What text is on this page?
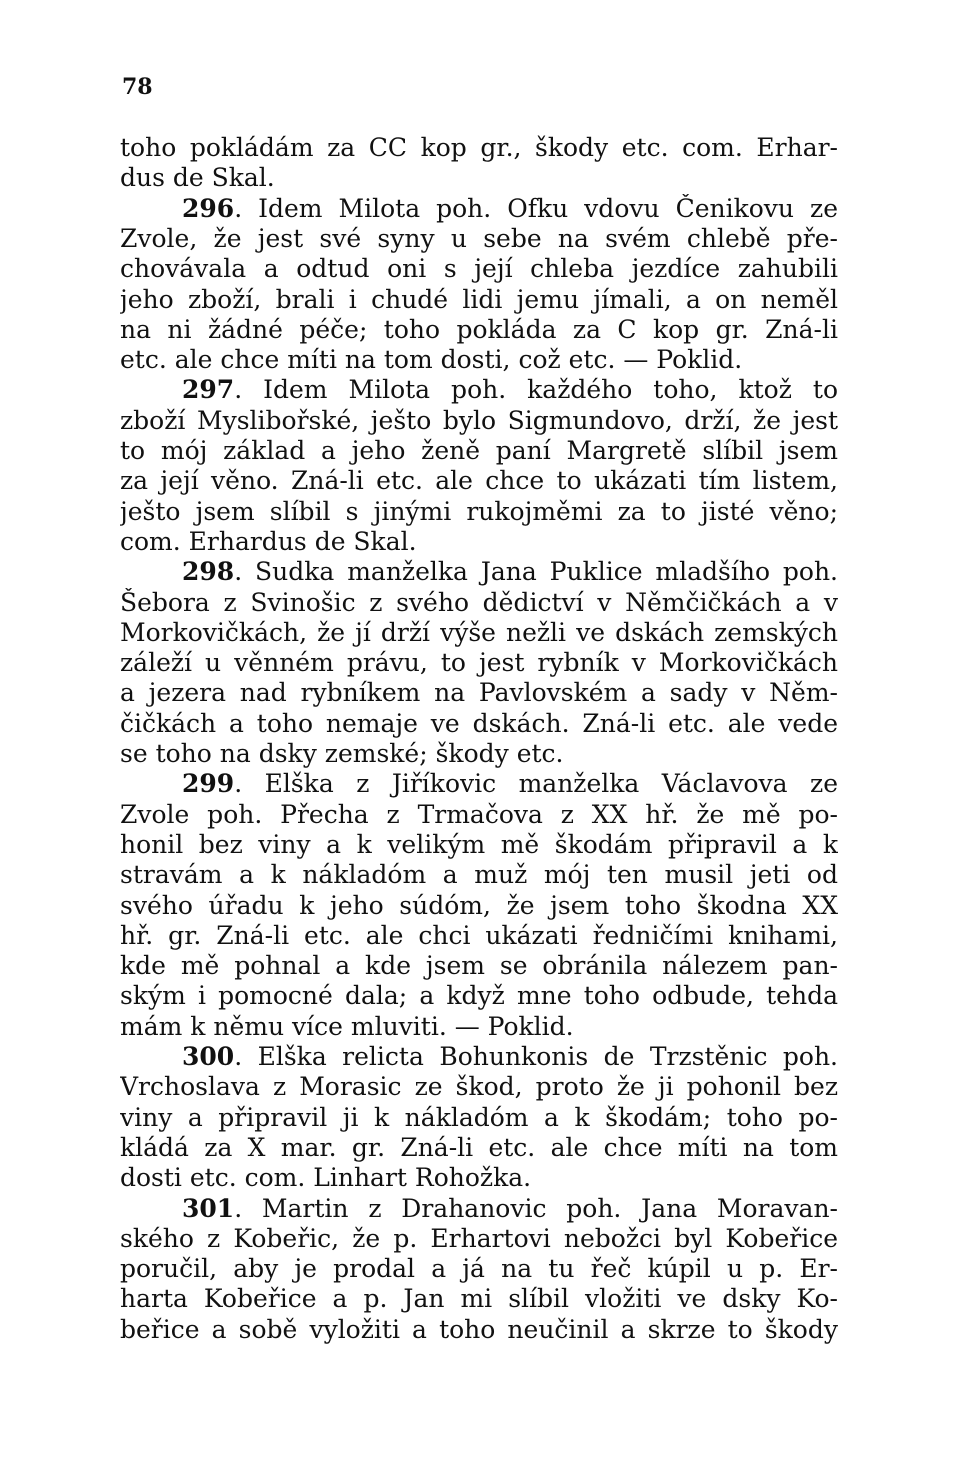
78
toho pokládám za CC kop gr., škody etc. com. Erhar-
dus de Skal.
296. Idem Milota poh. Ofku vdovu Čenikovu ze
Zvole, že jest své syny u sebe na svém chlebě pře-
chovávala a odtud oni s její chleba jezdíce zahubili
jeho zboží, brali i chudé lidi jemu jímali, a on neměl
na ni žádné péče; toho pokláda za C kop gr. Zná-li
etc. ale chce míti na tom dosti, což etc. — Poklid.
297. Idem Milota poh. každého toho, ktož to
zboží Myslibořské, ješto bylo Sigmundovo, drží, že jest
to mój základ a jeho ženě paní Margretě slíbil jsem
za její věno. Zná-li etc. ale chce to ukázati tím listem,
ješto jsem slíbil s jinými rukojměmi za to jisté věno;
com. Erhardus de Skal.
298. Sudka manželka Jana Puklice mladšího poh.
Šebora z Svinošic z svého dědictví v Němčičkách a v
Morkovičkách, že jí drží výše nežli ve dskách zemských
záleží u věnném právu, to jest rybník v Morkovičkách
a jezera nad rybníkem na Pavlovském a sady v Něm-
čičkách a toho nemaje ve dskách. Zná-li etc. ale vede
se toho na dsky zemské; škody etc.
299. Elška z Jiříkovic manželka Václavova ze
Zvole poh. Přecha z Trmačova z XX hř. že mě po-
honil bez viny a k velikým mě škodám připravil a k
stravám a k nákladóm a muž mój ten musil jeti od
svého úřadu k jeho súdóm, že jsem toho škodna XX
hř. gr. Zná-li etc. ale chci ukázati ředničími knihami,
kde mě pohnal a kde jsem se obránila nálezem pan-
ským i pomocné dala; a když mne toho odbude, tehda
mám k němu více mluviti. — Poklid.
300. Elška relicta Bohunkonis de Trzstěnic poh.
Vrchoslava z Morasic ze škod, proto že ji pohonil bez
viny a připravil ji k nákladóm a k škodám; toho po-
kládá za X mar. gr. Zná-li etc. ale chce míti na tom
dosti etc. com. Linhart Rohožka.
301. Martin z Drahanovic poh. Jana Moravan-
ského z Kobeřic, že p. Erhartovi nebožci byl Kobeřice
poručil, aby je prodal a já na tu řeč kúpil u p. Er-
harta Kobeřice a p. Jan mi slíbil vložiti ve dsky Ko-
beřice a sobě vyložiti a toho neučinil a skrze to škody
